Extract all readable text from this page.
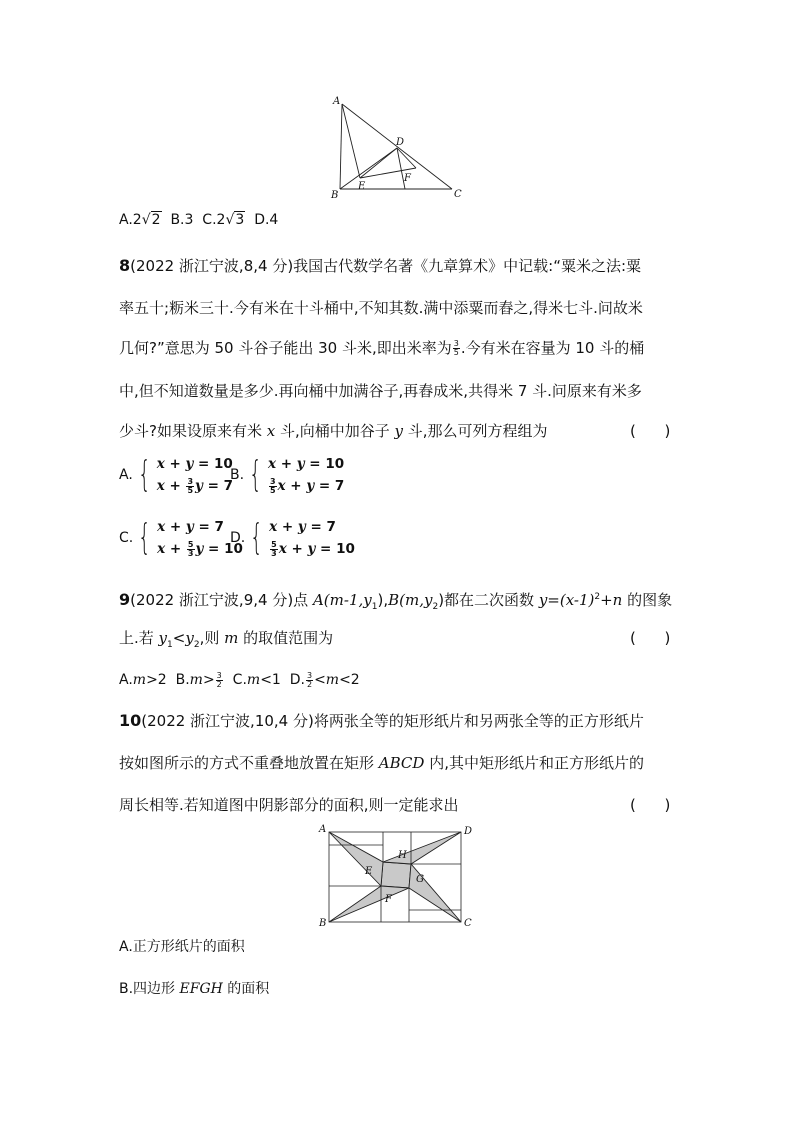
A
B	C
D
E
F
A.2√2  B.3  C.2√3  D.4
8(2022 浙江宁波,8,4 分)我国古代数学名著《九章算术》中记载:“粟米之法:粟
率五十;粝米三十.今有米在十斗桶中,不知其数.满中添粟而舂之,得米七斗.问故米
几何?”意思为 50 斗谷子能出 30 斗米,即出米率为 $\frac{3}{5}$ .今有米在容量为 10 斗的桶
中,但不知道数量是多少.再向桶中加满谷子,再舂成米,共得米 7 斗.问原来有米多
少斗?如果设原来有米 x 斗,向桶中加谷子 y 斗,那么可列方程组为	(      )
A. { x + y = 10
$x + \frac{3}{5}$ y = 7
B. { x + y = 10
$\frac{3}{5}$ x + y = 7
C. { x + y = 7
$x + \frac{5}{3}$ y = 10
D. { x + y = 7
$\frac{5}{3}$ x + y = 10
9(2022 浙江宁波,9,4 分)点 $A(m-1,y_1),B(m,y_2)$都在二次函数 $y=(x-1)^2+n$ 的图象
上.若 $y_1<y_2$,则 m 的取值范围为	(      )
A.m>2  $B.m> \frac{3}{2} C.m<1$  D. $\frac{3}{2} <m<2$
10(2022 浙江宁波,10,4 分)将两张全等的矩形纸片和另两张全等的正方形纸片
按如图所示的方式不重叠地放置在矩形 ABCD 内,其中矩形纸片和正方形纸片的
周长相等.若知道图中阴影部分的面积,则一定能求出	(      )
A	D
B	C
H
E
G
F
A.正方形纸片的面积
B.四边形 EFGH 的面积
